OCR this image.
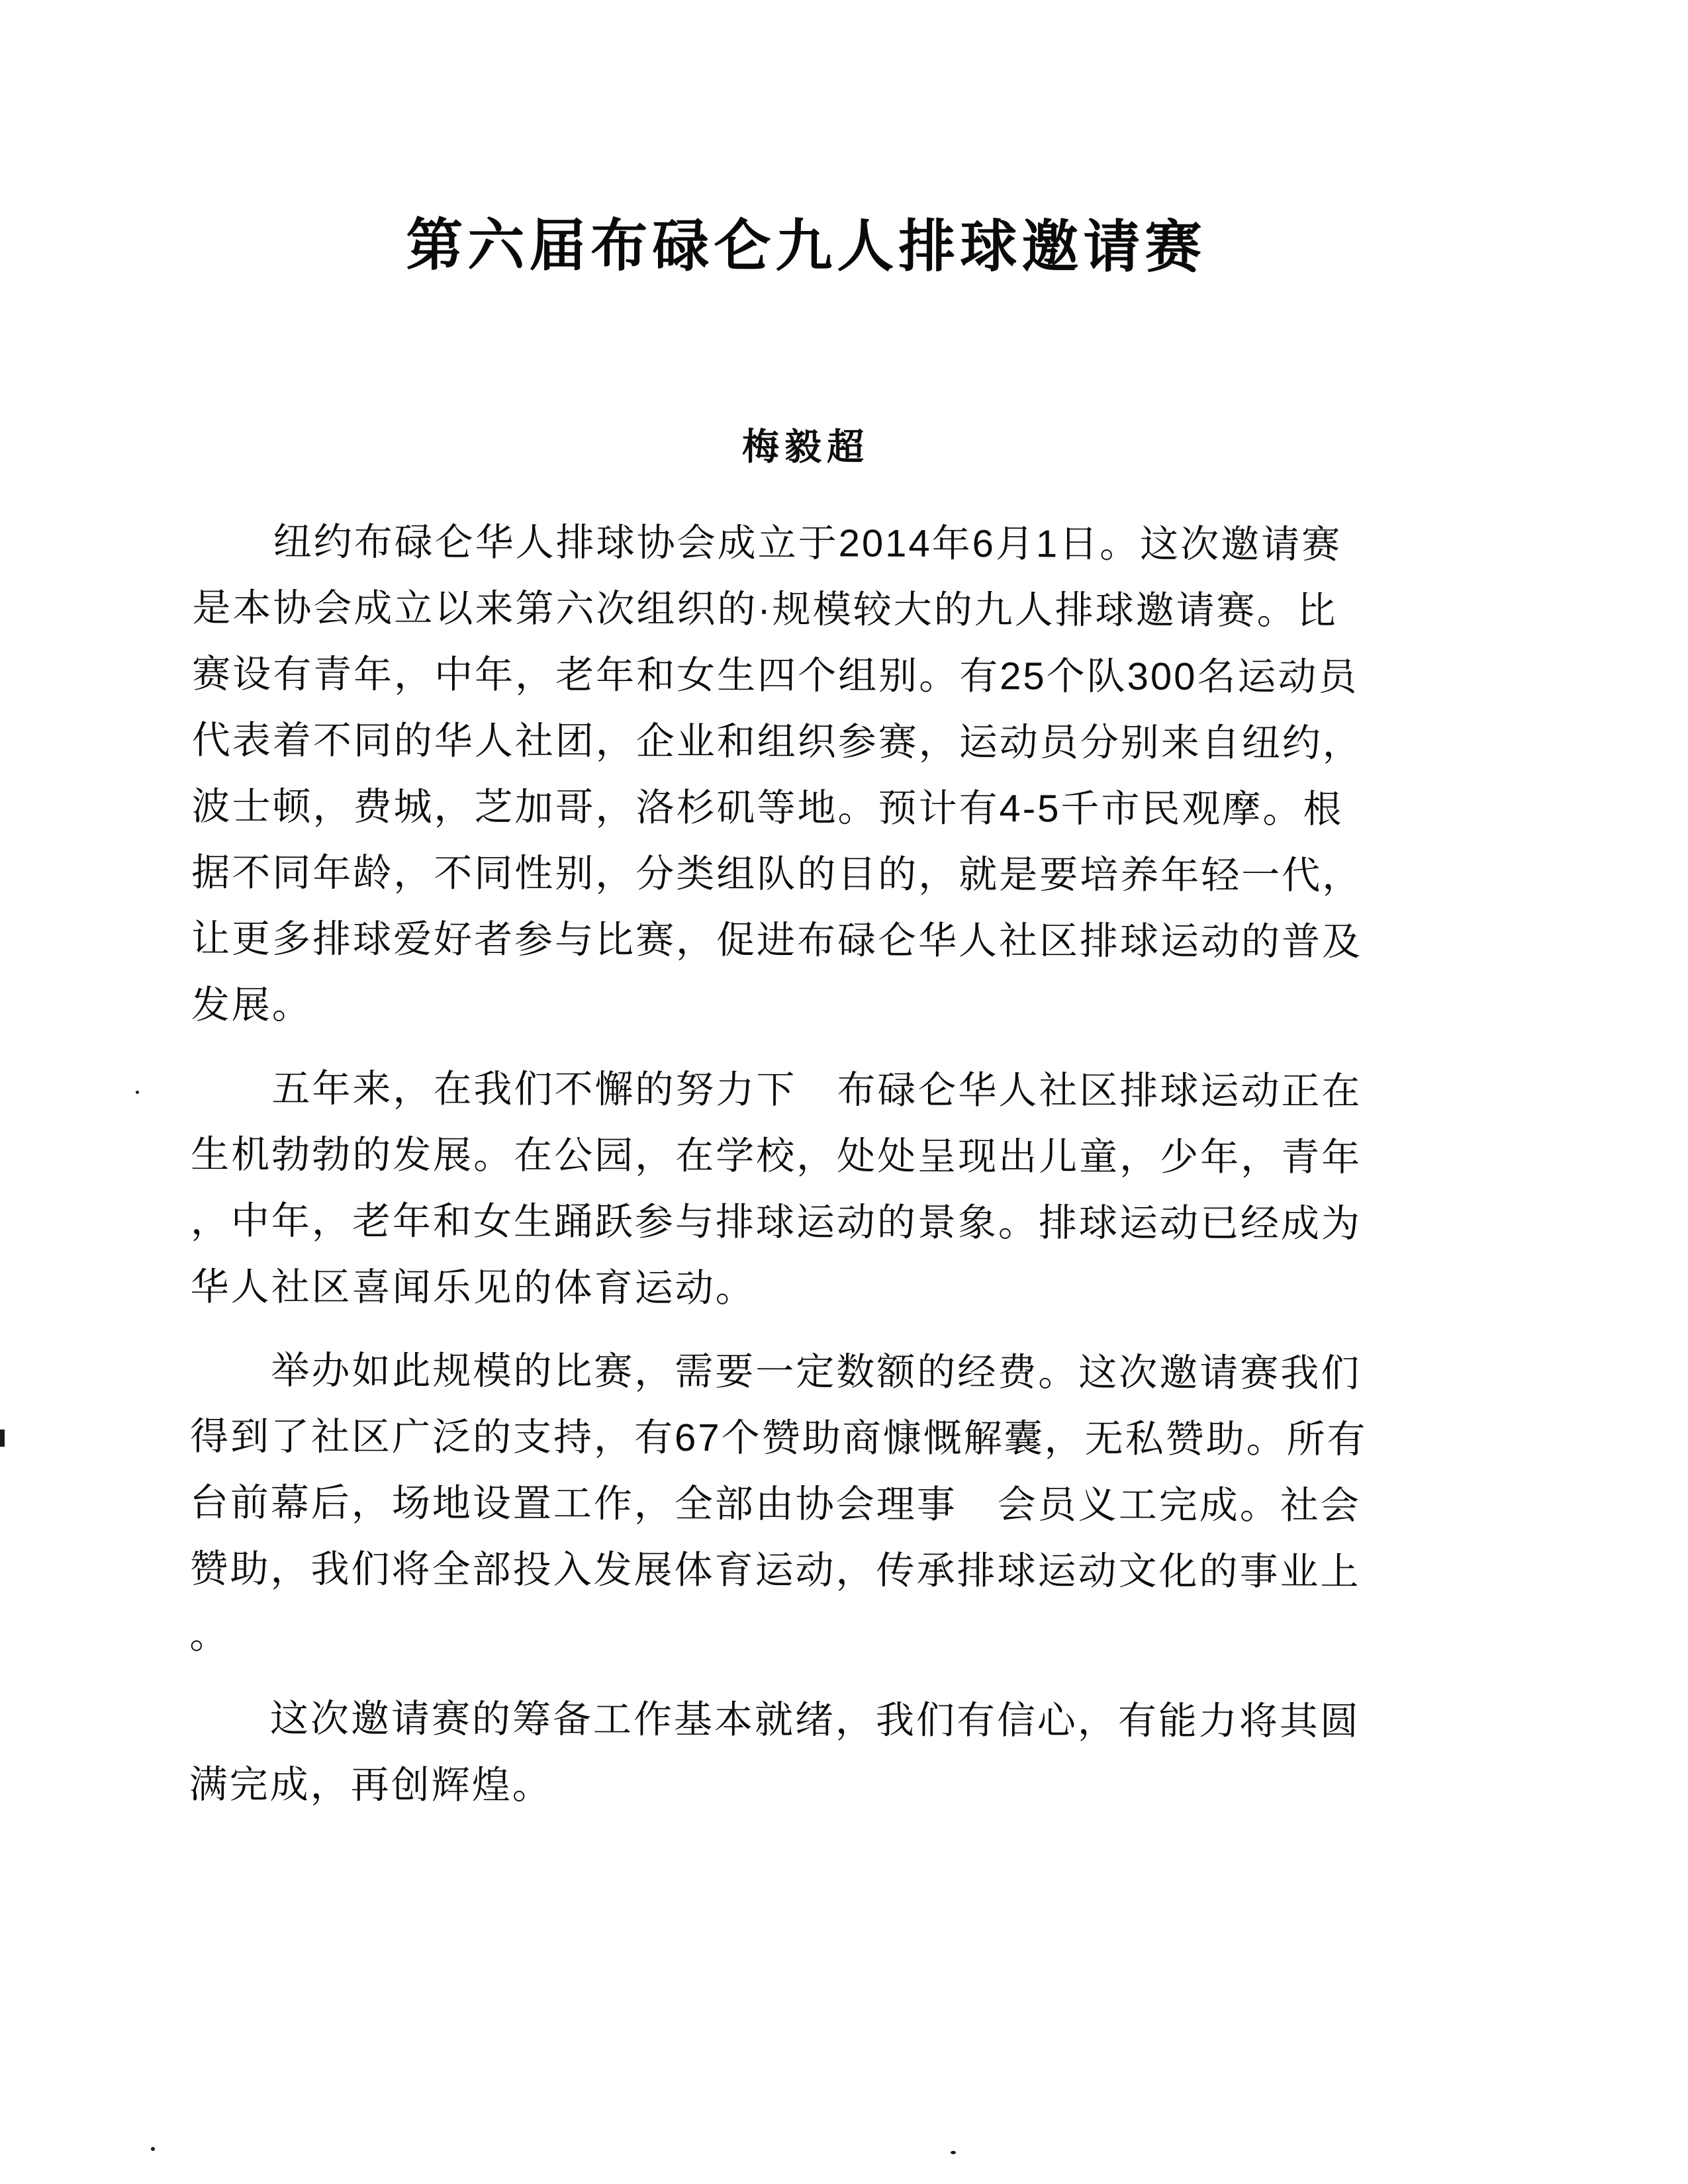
第六届布碌仑九人排球邀请赛
梅毅超
纽约布碌仑华人排球协会成立于2014年6月1日。这次邀请赛
是本协会成立以来第六次组织的·规模较大的九人排球邀请赛。比
赛设有青年，中年，老年和女生四个组别。有25个队300名运动员
代表着不同的华人社团，企业和组织参赛，运动员分别来自纽约，
波士顿，费城，芝加哥，洛杉矶等地。预计有4-5千市民观摩。根
据不同年龄，不同性别，分类组队的目的，就是要培养年轻一代，
让更多排球爱好者参与比赛，促进布碌仑华人社区排球运动的普及
发展。
五年来，在我们不懈的努力下　布碌仑华人社区排球运动正在
生机勃勃的发展。在公园，在学校，处处呈现出儿童，少年，青年
，中年，老年和女生踊跃参与排球运动的景象。排球运动已经成为
华人社区喜闻乐见的体育运动。
举办如此规模的比赛，需要一定数额的经费。这次邀请赛我们
得到了社区广泛的支持，有67个赞助商慷慨解囊，无私赞助。所有
台前幕后，场地设置工作，全部由协会理事　会员义工完成。社会
赞助，我们将全部投入发展体育运动，传承排球运动文化的事业上
。
这次邀请赛的筹备工作基本就绪，我们有信心，有能力将其圆
满完成，再创辉煌。
